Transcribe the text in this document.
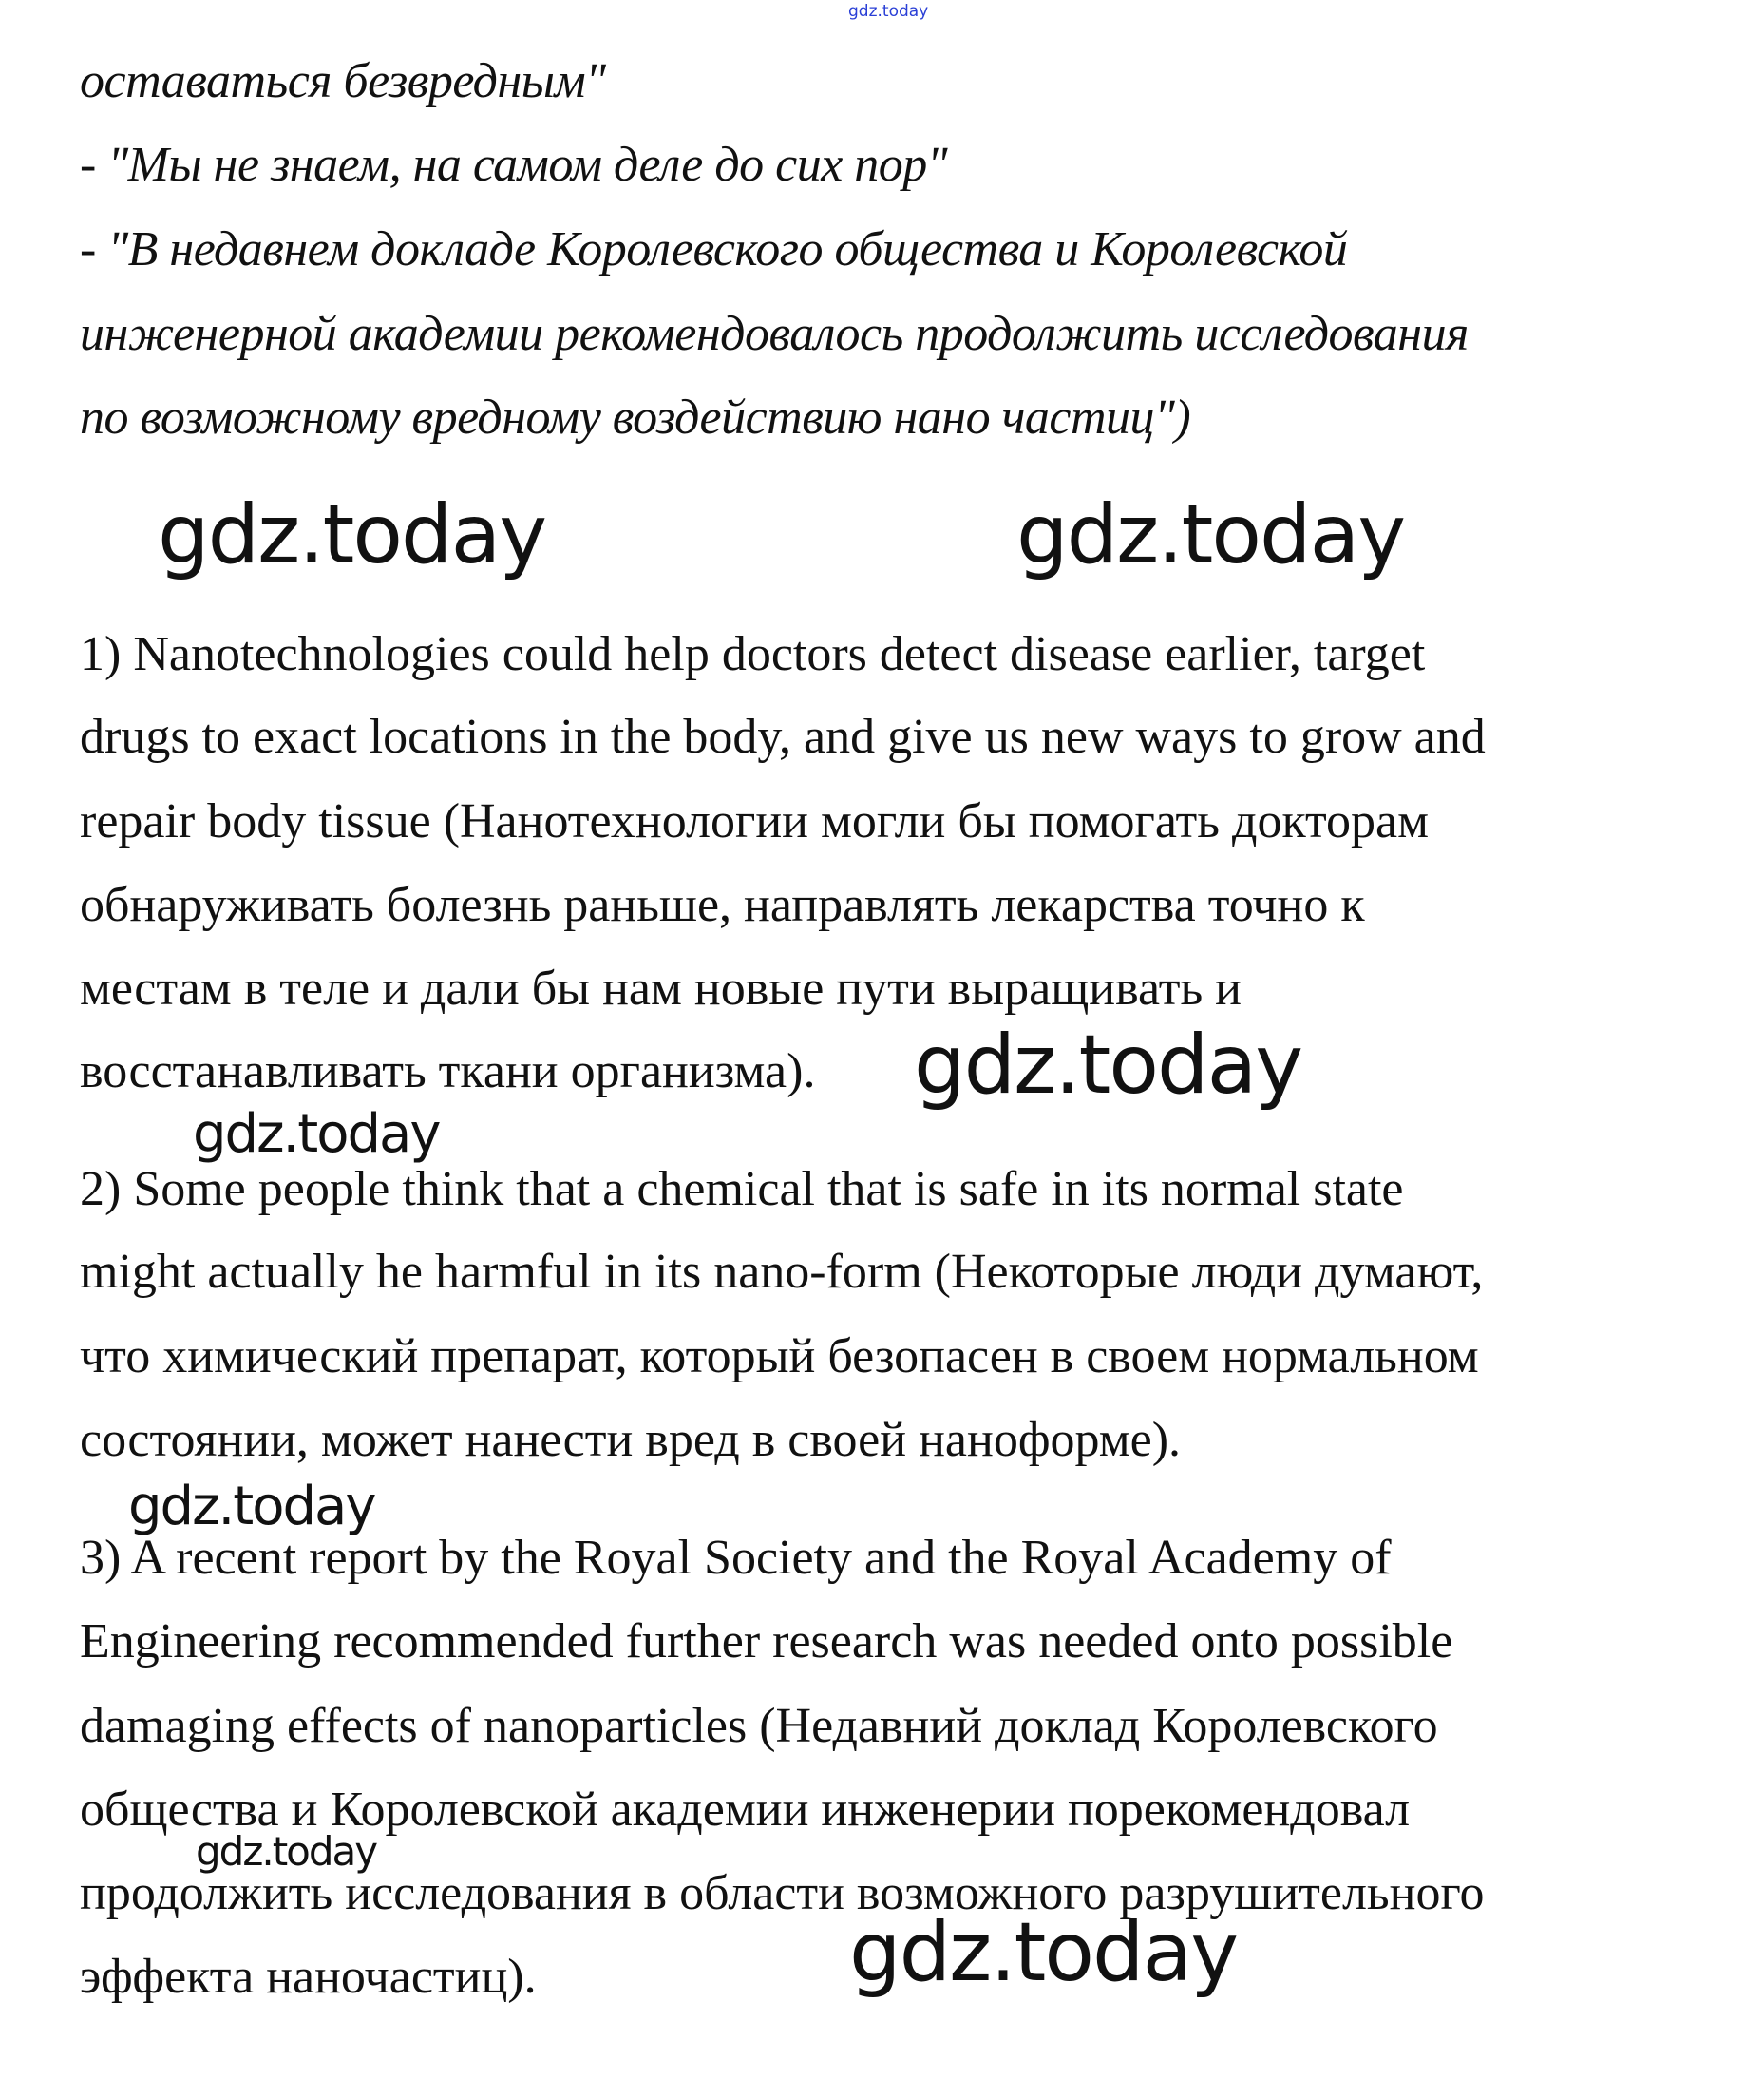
gdz.today
оставаться безвредным"
- "Мы не знаем, на самом деле до сих пор"
- "В недавнем докладе Королевского общества и Королевской
инженерной академии рекомендовалось продолжить исследования
по возможному вредному воздействию нано частиц")
gdz.today	gdz.today
1) Nanotechnologies could help doctors detect disease earlier, target
drugs to exact locations in the body, and give us new ways to grow and
repair body tissue (Нанотехнологии могли бы помогать докторам
обнаруживать болезнь раньше, направлять лекарства точно к
местам в теле и дали бы нам новые пути выращивать и
восстанавливать ткани организма). gdz.today
gdz.today
2) Some people think that a chemical that is safe in its normal state
might actually he harmful in its nano-form (Некоторые люди думают,
что химический препарат, который безопасен в своем нормальном
состоянии, может нанести вред в своей наноформе).
gdz.today
3) A recent report by the Royal Society and the Royal Academy of
Engineering recommended further research was needed onto possible
damaging effects of nanoparticles (Недавний доклад Королевского
общества и Королевской академии инженерии порекомендовал
продолжить исследования в области возможного разрушительного
эффекта наночастиц).
gdz.today
gdz.today
